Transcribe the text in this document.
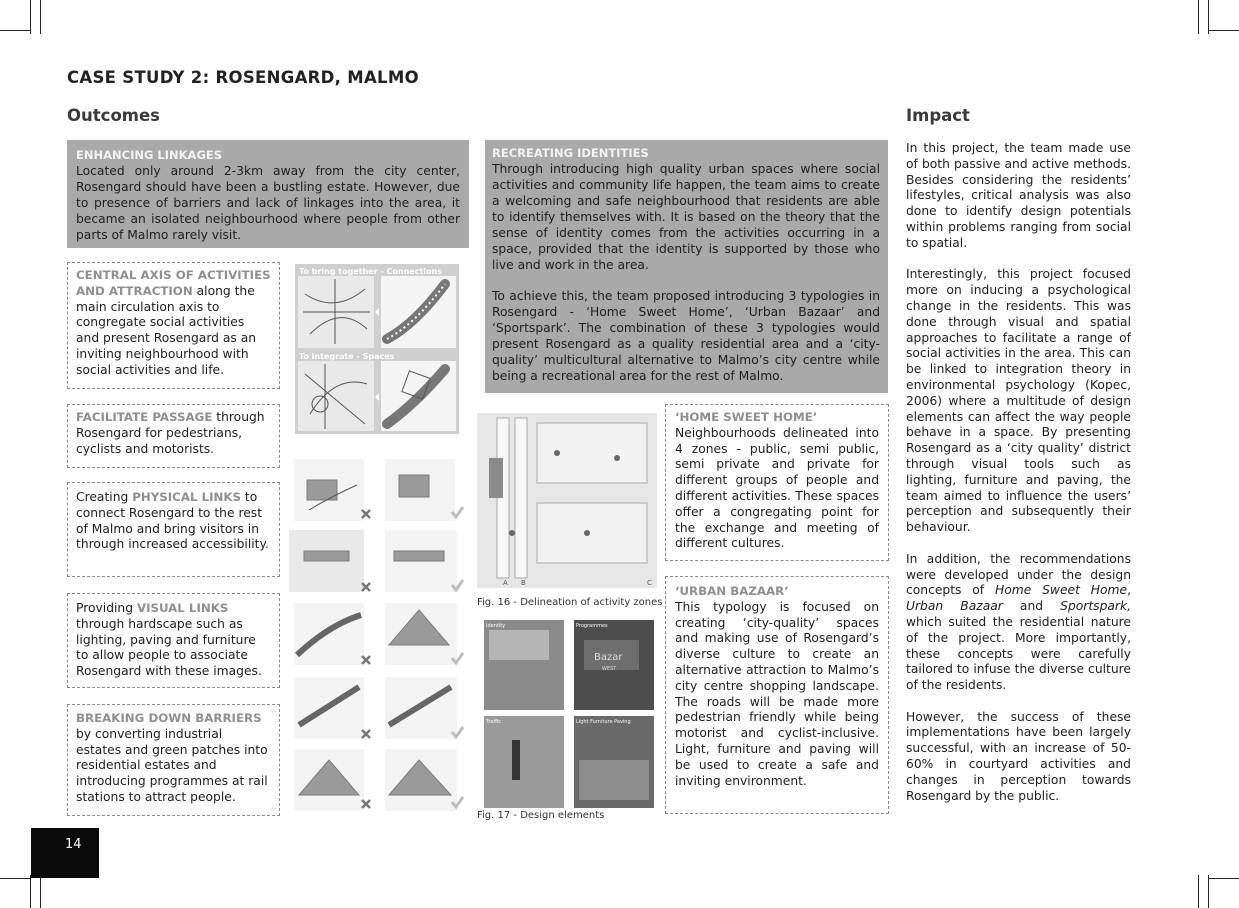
CASE STUDY 2: ROSENGARD, MALMO
Outcomes	Impact
ENHANCING LINKAGES

Located only around 2-3km away from the city center, Rosengard should have been a bustling estate. However, due to presence of barriers and lack of linkages into the area, it became an isolated neighbourhood where people from other parts of Malmo rarely visit.

RECREATING IDENTITIES

Through introducing high quality urban spaces where social activities and community life happen, the team aims to create a welcoming and safe neighbourhood that residents are able to identify themselves with. It is based on the theory that the sense of identity comes from the activities occurring in a space, provided that the identity is supported by those who live and work in the area.

To achieve this, the team proposed introducing 3 typologies in Rosengard - ‘Home Sweet Home’, ‘Urban Bazaar’ and ‘Sportspark’. The combination of these 3 typologies would present Rosengard as a quality residential area and a ‘city-quality’ multicultural alternative to Malmo’s city centre while being a recreational area for the rest of Malmo.

CENTRAL AXIS OF ACTIVITIES AND ATTRACTION along the main circulation axis to congregate social activities and present Rosengard as an inviting neighbourhood with social activities and life.
FACILITATE PASSAGE through Rosengard for pedestrians, cyclists and motorists.
Creating PHYSICAL LINKS to connect Rosengard to the rest of Malmo and bring visitors in through increased accessibility.
Providing VISUAL LINKS through hardscape such as lighting, paving and furniture to allow people to associate Rosengard with these images.
BREAKING DOWN BARRIERS by converting industrial estates and green patches into residential estates and introducing programmes at rail stations to attract people.
To bring together - Connections
To integrate - Spaces
A B	C
Fig. 16 - Delineation of activity zones
Identity	Programmes
Traffic	Light Furniture Paving
Bazar
WEST
Fig. 17 - Design elements
‘HOME SWEET HOME’
Neighbourhoods delineated into 4 zones - public, semi public, semi private and private for different groups of people and different activities. These spaces offer a congregating point for the exchange and meeting of different cultures.
‘URBAN BAZAAR’
This typology is focused on creating ‘city-quality’ spaces and making use of Rosengard’s diverse culture to create an alternative attraction to Malmo’s city centre shopping landscape. The roads will be made more pedestrian friendly while being motorist and cyclist-inclusive. Light, furniture and paving will be used to create a safe and inviting environment.

In this project, the team made use of both passive and active methods. Besides considering the residents’ lifestyles, critical analysis was also done to identify design potentials within problems ranging from social to spatial.

Interestingly, this project focused more on inducing a psychological change in the residents. This was done through visual and spatial approaches to facilitate a range of social activities in the area. This can be linked to integration theory in environmental psychology (Kopec, 2006) where a multitude of design elements can affect the way people behave in a space. By presenting Rosengard as a ‘city quality’ district through visual tools such as lighting, furniture and paving, the team aimed to influence the users’ perception and subsequently their behaviour.

In addition, the recommendations were developed under the design concepts of Home Sweet Home, Urban Bazaar and Sportspark, which suited the residential nature of the project. More importantly, these concepts were carefully tailored to infuse the diverse culture of the residents.

However, the success of these implementations have been largely successful, with an increase of 50-60% in courtyard activities and changes in perception towards Rosengard by the public.

14
